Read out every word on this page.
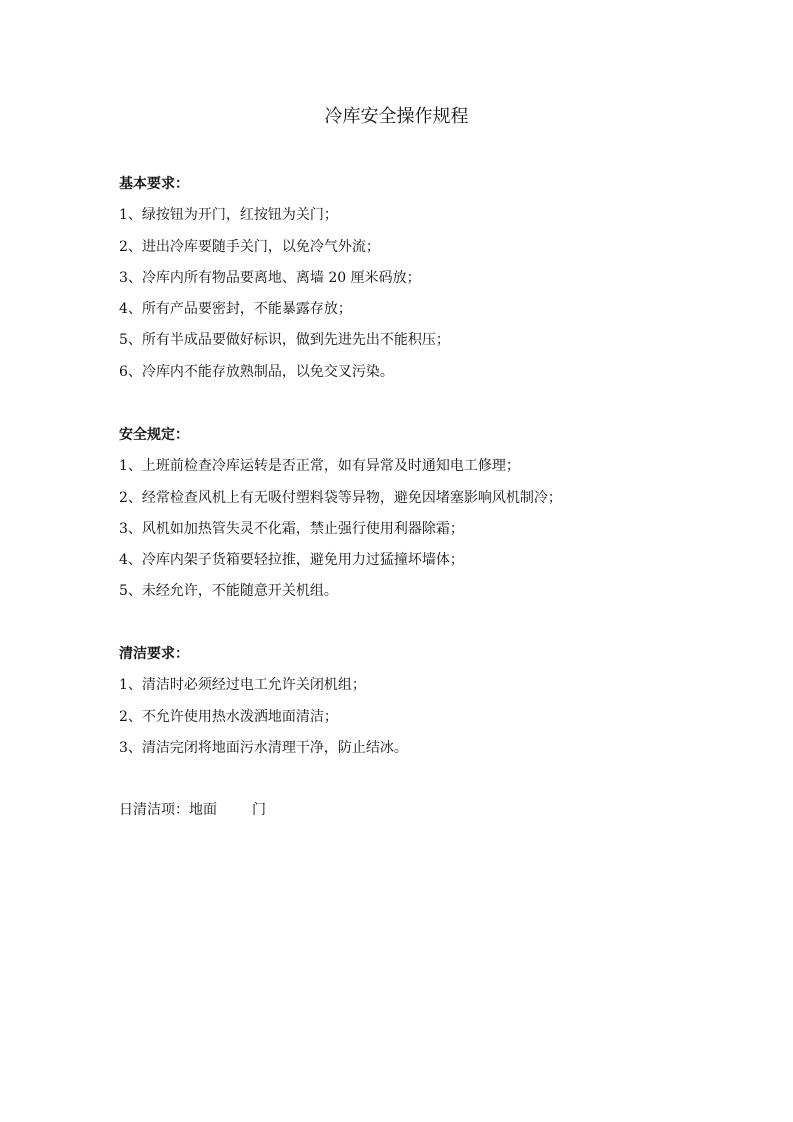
冷库安全操作规程
基本要求：
1、绿按钮为开门，红按钮为关门；
2、进出冷库要随手关门，以免冷气外流；
3、冷库内所有物品要离地、离墙 20 厘米码放；
4、所有产品要密封，不能暴露存放；
5、所有半成品要做好标识，做到先进先出不能积压；
6、冷库内不能存放熟制品，以免交叉污染。
安全规定：
1、上班前检查冷库运转是否正常，如有异常及时通知电工修理；
2、经常检查风机上有无吸付塑料袋等异物，避免因堵塞影响风机制冷；
3、风机如加热管失灵不化霜，禁止强行使用利器除霜；
4、冷库内架子货箱要轻拉推，避免用力过猛撞坏墙体；
5、未经允许，不能随意开关机组。
清洁要求：
1、清洁时必须经过电工允许关闭机组；
2、不允许使用热水泼洒地面清洁；
3、清洁完闭将地面污水清理干净，防止结冰。
日清洁项：地面	门
